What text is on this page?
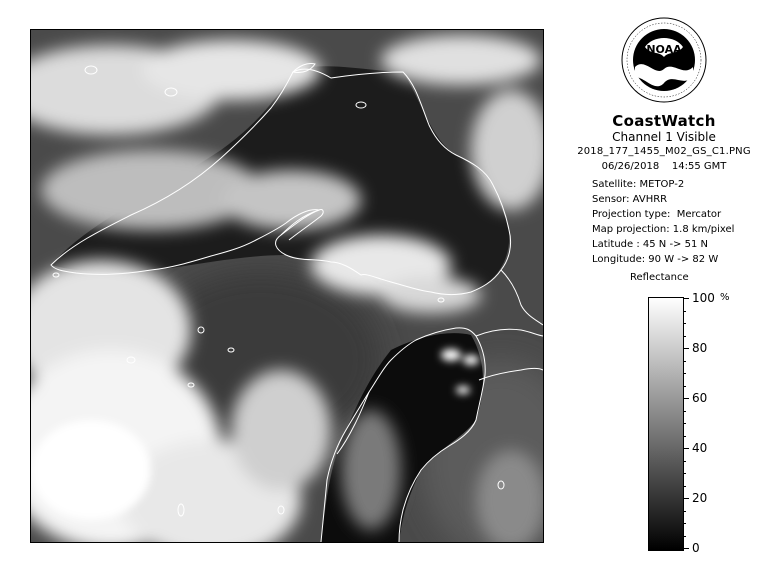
NOAA
CoastWatch
Channel 1 Visible
2018_177_1455_M02_GS_C1.PNG
06/26/2018    14:55 GMT
Satellite: METOP-2
Sensor: AVHRR
Projection type:  Mercator
Map projection: 1.8 km/pixel
Latitude : 45 N -> 51 N
Longitude: 90 W -> 82 W
Reflectance
%
100
80
60
40
20
0
